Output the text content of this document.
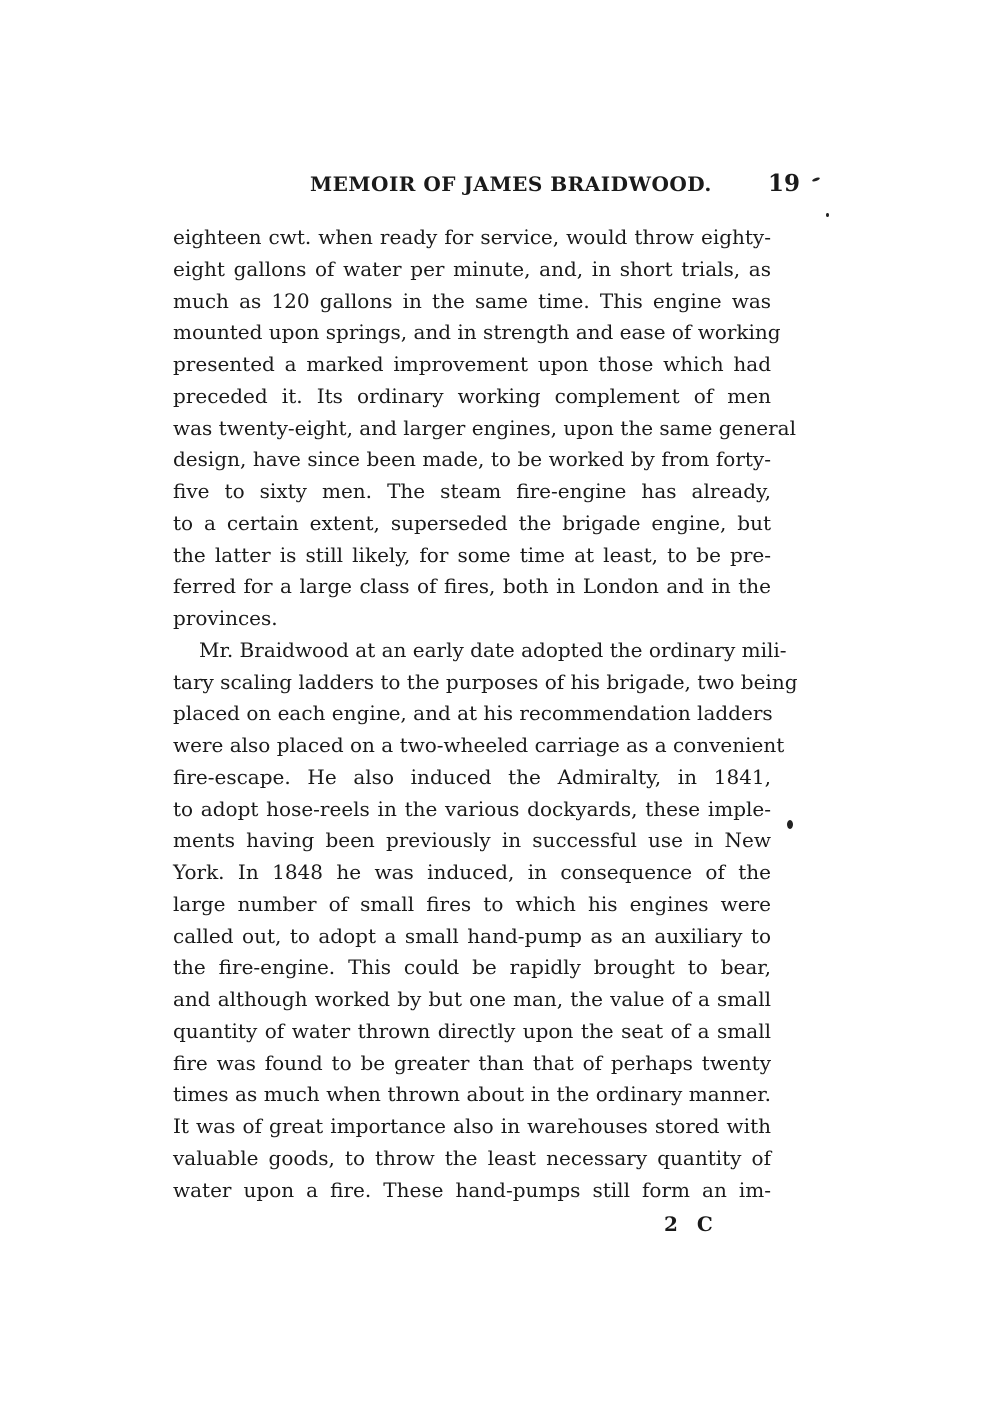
MEMOIR OF JAMES BRAIDWOOD. 19
eighteen cwt. when ready for service, would throw eighty-
eight gallons of water per minute, and, in short trials, as
much as 120 gallons in the same time. This engine was
mounted upon springs, and in strength and ease of working
presented a marked improvement upon those which had
preceded it. Its ordinary working complement of men
was twenty-eight, and larger engines, upon the same general
design, have since been made, to be worked by from forty-
five to sixty men. The steam fire-engine has already,
to a certain extent, superseded the brigade engine, but
the latter is still likely, for some time at least, to be pre-
ferred for a large class of fires, both in London and in the
provinces.
Mr. Braidwood at an early date adopted the ordinary mili-
tary scaling ladders to the purposes of his brigade, two being
placed on each engine, and at his recommendation ladders
were also placed on a two-wheeled carriage as a convenient
fire-escape. He also induced the Admiralty, in 1841,
to adopt hose-reels in the various dockyards, these imple-
ments having been previously in successful use in New
York. In 1848 he was induced, in consequence of the
large number of small fires to which his engines were
called out, to adopt a small hand-pump as an auxiliary to
the fire-engine. This could be rapidly brought to bear,
and although worked by but one man, the value of a small
quantity of water thrown directly upon the seat of a small
fire was found to be greater than that of perhaps twenty
times as much when thrown about in the ordinary manner.
It was of great importance also in warehouses stored with
valuable goods, to throw the least necessary quantity of
water upon a fire. These hand-pumps still form an im-
2 C
